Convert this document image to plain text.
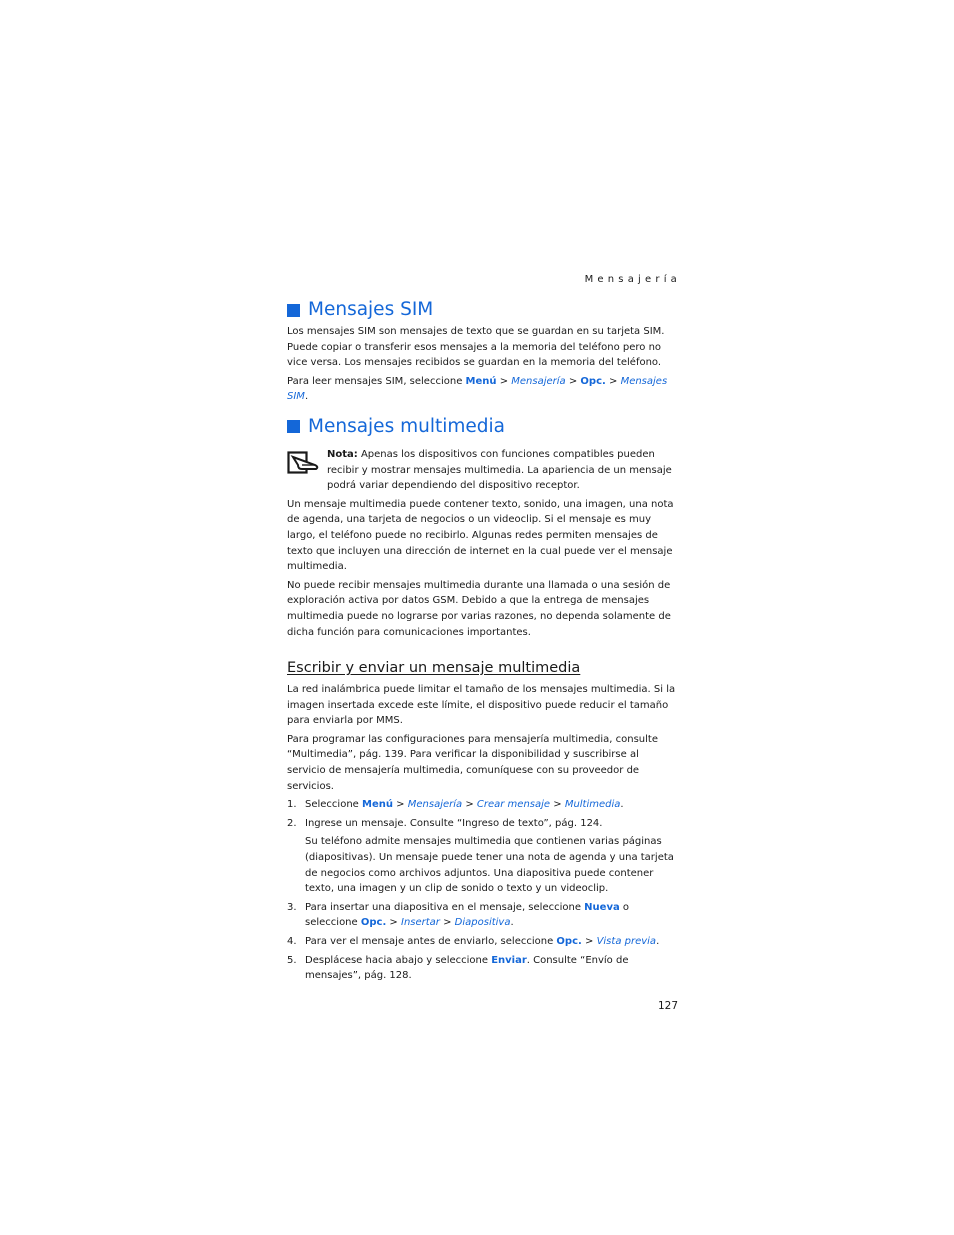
Mensajería
Mensajes SIM

Los mensajes SIM son mensajes de texto que se guardan en su tarjeta SIM. Puede copiar o transferir esos mensajes a la memoria del teléfono pero no vice versa. Los mensajes recibidos se guardan en la memoria del teléfono.

Para leer mensajes SIM, seleccione Menú > Mensajería > Opc. > Mensajes SIM.

Mensajes multimedia

Nota: Apenas los dispositivos con funciones compatibles pueden recibir y mostrar mensajes multimedia. La apariencia de un mensaje podrá variar dependiendo del dispositivo receptor.

Un mensaje multimedia puede contener texto, sonido, una imagen, una nota de agenda, una tarjeta de negocios o un videoclip. Si el mensaje es muy largo, el teléfono puede no recibirlo. Algunas redes permiten mensajes de texto que incluyen una dirección de internet en la cual puede ver el mensaje multimedia.

No puede recibir mensajes multimedia durante una llamada o una sesión de exploración activa por datos GSM. Debido a que la entrega de mensajes multimedia puede no lograrse por varias razones, no dependa solamente de dicha función para comunicaciones importantes.

Escribir y enviar un mensaje multimedia

La red inalámbrica puede limitar el tamaño de los mensajes multimedia. Si la imagen insertada excede este límite, el dispositivo puede reducir el tamaño para enviarla por MMS.

Para programar las configuraciones para mensajería multimedia, consulte “Multimedia”, pág. 139. Para verificar la disponibilidad y suscribirse al servicio de mensajería multimedia, comuníquese con su proveedor de servicios.

1. Seleccione Menú > Mensajería > Crear mensaje > Multimedia.
2. Ingrese un mensaje. Consulte “Ingreso de texto”, pág. 124.
Su teléfono admite mensajes multimedia que contienen varias páginas (diapositivas). Un mensaje puede tener una nota de agenda y una tarjeta de negocios como archivos adjuntos. Una diapositiva puede contener texto, una imagen y un clip de sonido o texto y un videoclip.
3. Para insertar una diapositiva en el mensaje, seleccione Nueva o seleccione Opc. > Insertar > Diapositiva.
4. Para ver el mensaje antes de enviarlo, seleccione Opc. > Vista previa.
5. Desplácese hacia abajo y seleccione Enviar. Consulte “Envío de mensajes”, pág. 128.
127
